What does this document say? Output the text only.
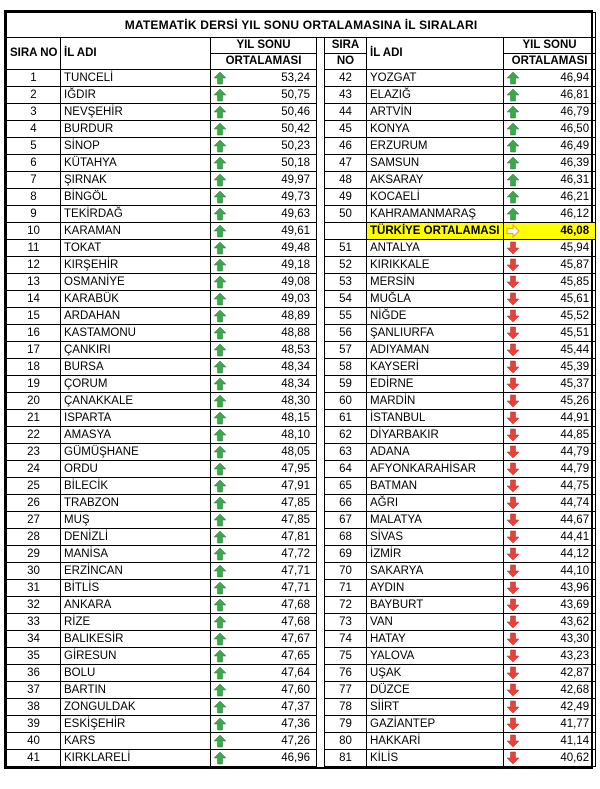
MATEMATİK DERSİ YIL SONU ORTALAMASINA İL SIRALARI						
SIRA NO	İL ADI	YIL SONU		SIRA	İL ADI	YIL SONU
		ORTALAMASI		NO		ORTALAMASI
1	TUNCELİ	53,24		42	YOZGAT	46,94
2	IĞDIR	50,75		43	ELAZIĞ	46,81
3	NEVŞEHİR	50,46		44	ARTVİN	46,79
4	BURDUR	50,42		45	KONYA	46,50
5	SİNOP	50,23		46	ERZURUM	46,49
6	KÜTAHYA	50,18		47	SAMSUN	46,39
7	ŞIRNAK	49,97		48	AKSARAY	46,31
8	BİNGÖL	49,73		49	KOCAELİ	46,21
9	TEKİRDAĞ	49,63		50	KAHRAMANMARAŞ	46,12
10	KARAMAN	49,61			TÜRKİYE ORTALAMASI	46,08
11	TOKAT	49,48		51	ANTALYA	45,94
12	KIRŞEHİR	49,18		52	KIRIKKALE	45,87
13	OSMANİYE	49,08		53	MERSİN	45,85
14	KARABÜK	49,03		54	MUĞLA	45,61
15	ARDAHAN	48,89		55	NİĞDE	45,52
16	KASTAMONU	48,88		56	ŞANLIURFA	45,51
17	ÇANKIRI	48,53		57	ADIYAMAN	45,44
18	BURSA	48,34		58	KAYSERİ	45,39
19	ÇORUM	48,34		59	EDİRNE	45,37
20	ÇANAKKALE	48,30		60	MARDİN	45,26
21	ISPARTA	48,15		61	İSTANBUL	44,91
22	AMASYA	48,10		62	DİYARBAKIR	44,85
23	GÜMÜŞHANE	48,05		63	ADANA	44,79
24	ORDU	47,95		64	AFYONKARAHİSAR	44,79
25	BİLECİK	47,91		65	BATMAN	44,75
26	TRABZON	47,85		66	AĞRI	44,74
27	MUŞ	47,85		67	MALATYA	44,67
28	DENİZLİ	47,81		68	SİVAS	44,41
29	MANİSA	47,72		69	İZMİR	44,12
30	ERZİNCAN	47,71		70	SAKARYA	44,10
31	BİTLİS	47,71		71	AYDIN	43,96
32	ANKARA	47,68		72	BAYBURT	43,69
33	RİZE	47,68		73	VAN	43,62
34	BALIKESİR	47,67		74	HATAY	43,30
35	GİRESUN	47,65		75	YALOVA	43,23
36	BOLU	47,64		76	UŞAK	42,87
37	BARTIN	47,60		77	DÜZCE	42,68
38	ZONGULDAK	47,37		78	SİİRT	42,49
39	ESKİŞEHİR	47,36		79	GAZİANTEP	41,77
40	KARS	47,26		80	HAKKARİ	41,14
41	KIRKLARELİ	46,96		81	KİLİS	40,62
